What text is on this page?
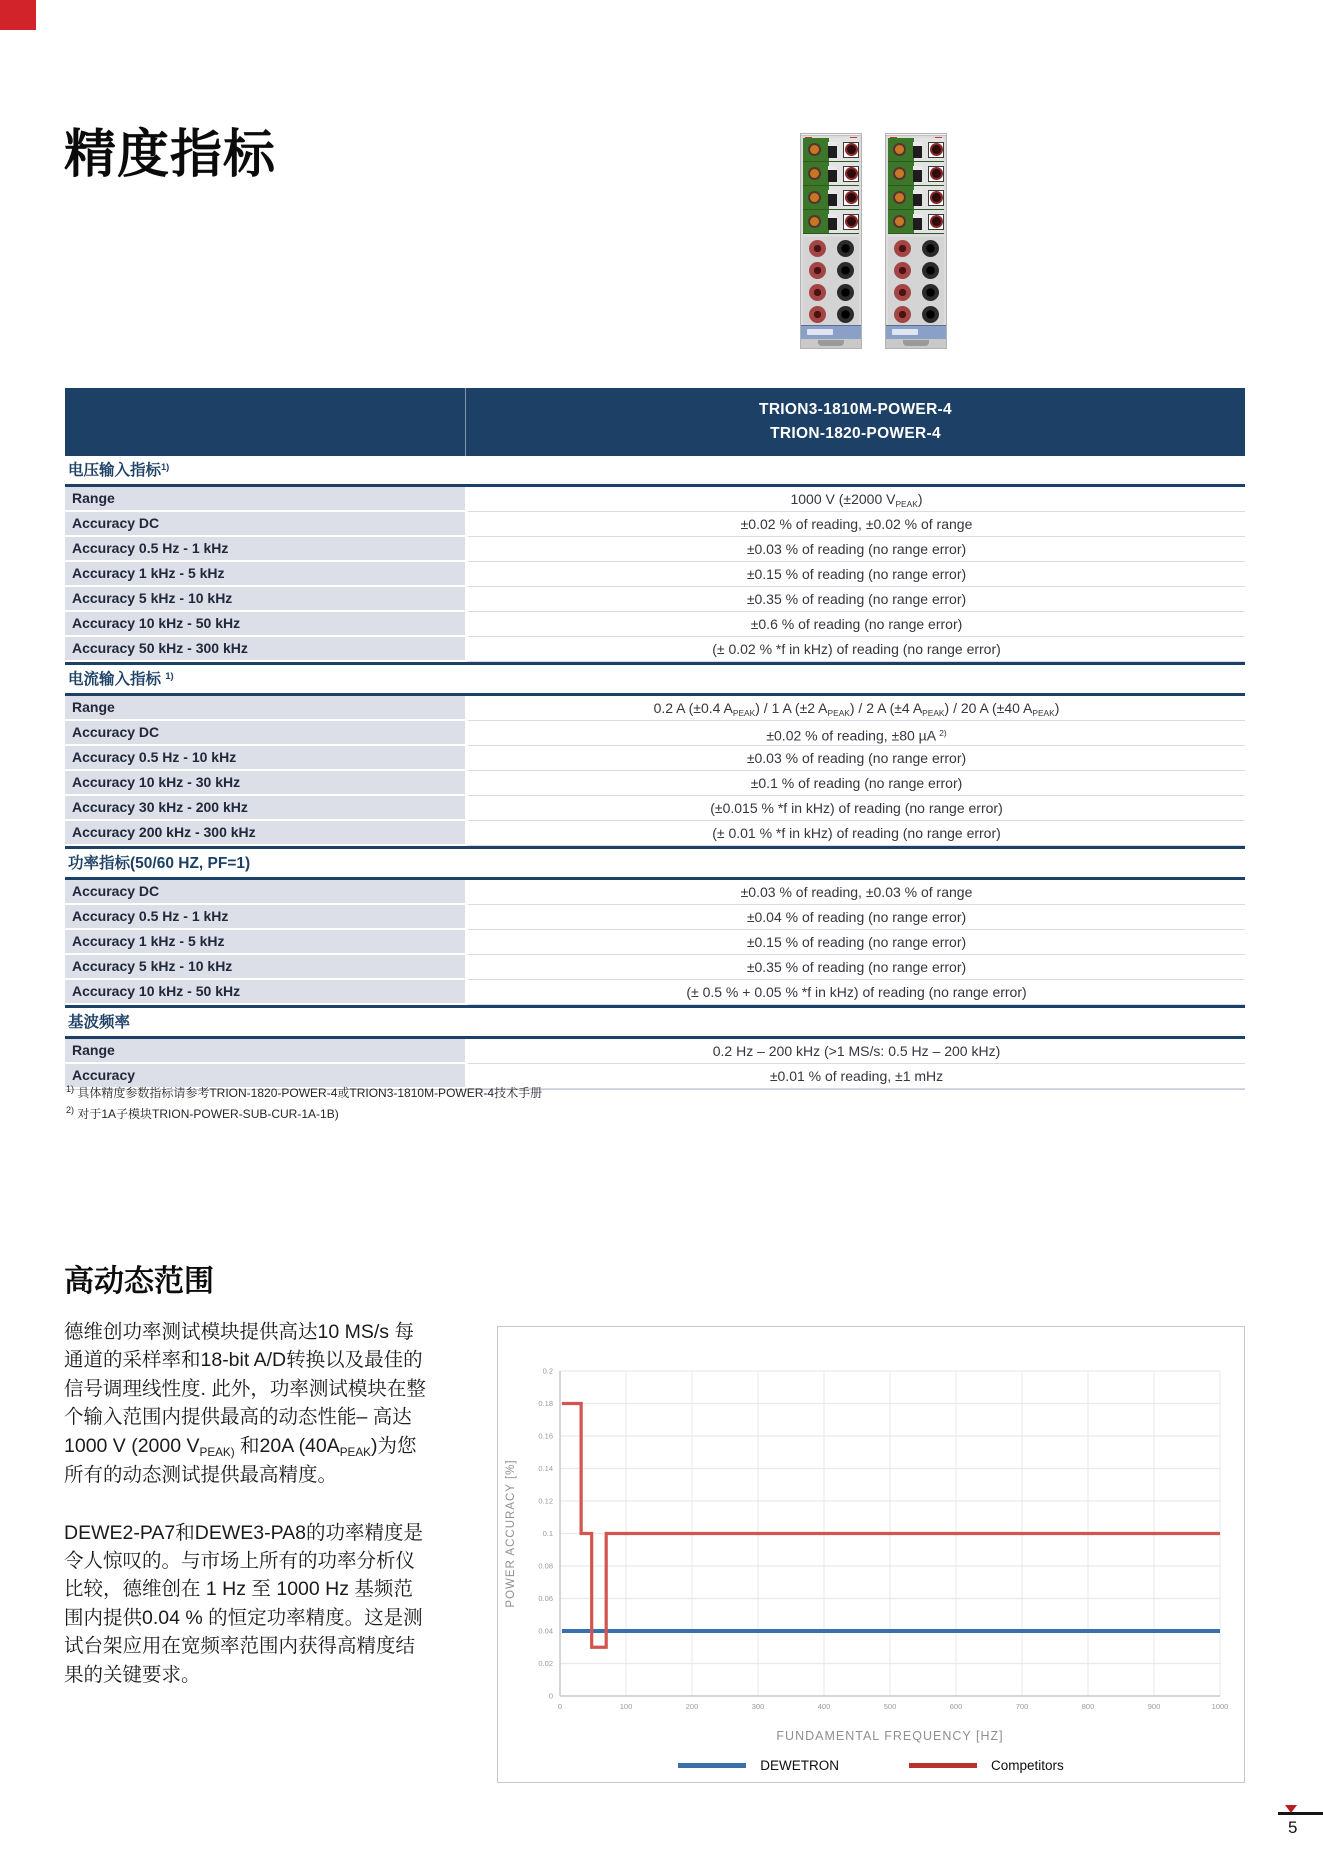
精度指标
TRION3-1810M-POWER-4
TRION-1820-POWER-4
电压输入指标$^{1)}$
Range	1000 V (±2000 $V_{PEAK}$)
Accuracy DC	±0.02 % of reading, ±0.02 % of range
Accuracy 0.5 Hz - 1 kHz	±0.03 % of reading (no range error)
Accuracy 1 kHz - 5 kHz	±0.15 % of reading (no range error)
Accuracy 5 kHz - 10 kHz	±0.35 % of reading (no range error)
Accuracy 10 kHz - 50 kHz	±0.6 % of reading (no range error)
Accuracy 50 kHz - 300 kHz	(± 0.02 % *f in kHz) of reading (no range error)
电流输入指标 $^{1)}$
Range	0.2 A (±0.4 $A_{PEAK}) / 1$ A (±2 $A_{PEAK}) / 2$ A (±4 $A_{PEAK}) / 20$ A (±40 $A_{PEAK}$)
Accuracy DC	±0.02 % of reading, ±80 µA $^{2)}$
Accuracy 0.5 Hz - 10 kHz	±0.03 % of reading (no range error)
Accuracy 10 kHz - 30 kHz	±0.1 % of reading (no range error)
Accuracy 30 kHz - 200 kHz	(±0.015 % *f in kHz) of reading (no range error)
Accuracy 200 kHz - 300 kHz	(± 0.01 % *f in kHz) of reading (no range error)
功率指标(50/60 HZ, PF=1)
Accuracy DC	±0.03 % of reading, ±0.03 % of range
Accuracy 0.5 Hz - 1 kHz	±0.04 % of reading (no range error)
Accuracy 1 kHz - 5 kHz	±0.15 % of reading (no range error)
Accuracy 5 kHz - 10 kHz	±0.35 % of reading (no range error)
Accuracy 10 kHz - 50 kHz	(± 0.5 % + 0.05 % *f in kHz) of reading (no range error)
基波频率
Range	0.2 Hz – 200 kHz (>1 MS/s: 0.5 Hz – 200 kHz)
Accuracy	±0.01 % of reading, ±1 mHz
$^{1)}$ 具体精度参数指标请参考TRION-1820-POWER-4或TRION3-1810M-POWER-4技术手册
$^{2)}$ 对于1A子模块TRION-POWER-SUB-CUR-1A-1B)
高动态范围

德维创功率测试模块提供高达10 MS/s 每通道的采样率和18-bit A/D转换以及最佳的信号调理线性度. 此外，功率测试模块在整个输入范围内提供最高的动态性能– 高达1000 V (2000 $V_{PEAK)}$ 和20A $(40A_{PEAK})$为您所有的动态测试提供最高精度。

DEWE2-PA7和DEWE3-PA8的功率精度是令人惊叹的。与市场上所有的功率分析仪比较，德维创在 1 Hz 至 1000 Hz 基频范围内提供0.04 % 的恒定功率精度。这是测试台架应用在宽频率范围内获得高精度结果的关键要求。

0
0.02
0.04
0.06
0.08
0.1
0.12
0.14
0.16
0.18
0.2
0	100	200	300	400	500	600	700	800	900	1000
POWER ACCURACY [%]
FUNDAMENTAL FREQUENCY [HZ]
DEWETRON	Competitors
5
